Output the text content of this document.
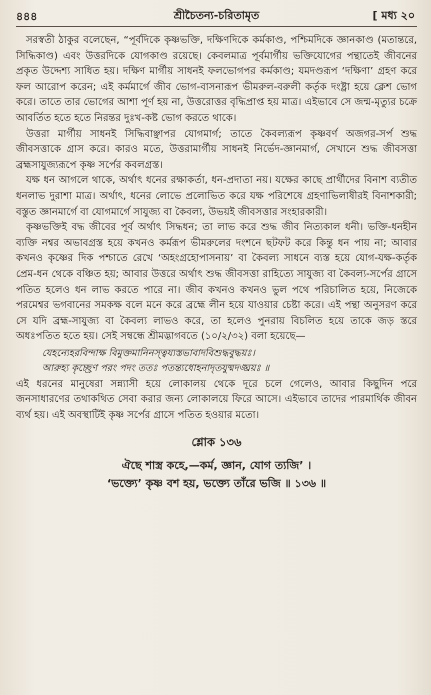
৪৪৪	শ্রীচৈতন্য-চরিতামৃত	[ মধ্য ২০

সরস্বতী ঠাকুর বলেছেন, “পূর্বদিকে কৃষ্ণভক্তি, দক্ষিণদিকে কর্মকাণ্ড, পশ্চিমদিকে জ্ঞানকাণ্ড (মতান্তরে, সিদ্ধিকাণ্ড) এবং উত্তরদিকে যোগকাণ্ড রয়েছে। কেবলমাত্র পূর্বমার্গীয় ভক্তিযোগের পন্থাতেই জীবনের প্রকৃত উদ্দেশ্য সাধিত হয়। দক্ষিণ মার্গীয় সাধনই ফলভোগপর কর্মকাণ্ড; যমদণ্ডরূপ ‘দক্ষিণা’ গ্রহণ করে ফল আরোপ করেন; এই কর্মমার্গে জীব ভোগ-বাসনারূপ ভীমরুল-বরুলী কর্তৃক দংষ্ট্রা হয়ে ক্লেশ ভোগ করে। তাতে তার ভোগের আশা পূর্ণ হয় না, উত্তরোত্তর বৃদ্ধিপ্রাপ্ত হয় মাত্র। এইভাবে সে জন্ম-মৃত্যুর চক্রে আবর্তিত হতে হতে নিরন্তর দুঃখ-কষ্ট ভোগ করতে থাকে।

উত্তরা মার্গীয় সাধনই সিদ্ধিবাঞ্ছাপর যোগমার্গ; তাতে কৈবল্যরূপ কৃষ্ণবর্ণ অজগর-সর্প শুদ্ধ জীবসত্তাকে গ্রাস করে। কারও মতে, উত্তরামার্গীয় সাধনই নির্ভেদ-জ্ঞানমার্গ, সেখানে শুদ্ধ জীবসত্তা ব্রহ্মসাযুজ্যরূপে কৃষ্ণ সর্পের কবলগ্রস্ত।

যক্ষ ধন আগলে থাকে, অর্থাৎ ধনের রক্ষাকর্তা, ধন-প্রদাতা নয়। যক্ষের কাছে প্রার্থীদের বিনাশ ব্যতীত ধনলাভ দুরাশা মাত্র। অর্থাৎ, ধনের লোভে প্রলোভিত করে যক্ষ পরিশেষে গ্রহণাভিলাষীরই বিনাশকারী; বস্তুত জ্ঞানমার্গে বা যোগমার্গে সাযুজ্য বা কৈবল্য, উভয়ই জীবসত্তার সংহারকারী।

কৃষ্ণভক্তিই বদ্ধ জীবের পূর্ব অর্থাৎ সিদ্ধধন; তা লাভ করে শুদ্ধ জীব নিত্যকাল ধনী। ভক্তি-ধনহীন ব্যক্তি নশ্বর অভাবগ্রস্ত হয়ে কখনও কর্মরূপ ভীমরুলের দংশনে ছটফট করে কিন্তু ধন পায় না; আবার কখনও কৃষ্ণের দিক পশ্চাতে রেখে ‘অহংগ্রহোপাসনায়’ বা কৈবল্য সাধনে ব্যস্ত হয়ে যোগ-যক্ষ-কর্তৃক প্রেম-ধন থেকে বঞ্চিত হয়; আবার উত্তরে অর্থাৎ শুদ্ধ জীবসত্তা রাহিত্যে সাযুজ্য বা কৈবল্য-সর্পের গ্রাসে পতিত হলেও ধন লাভ করতে পারে না। জীব কখনও কখনও ভুল পথে পরিচালিত হয়ে, নিজেকে পরমেশ্বর ভগবানের সমকক্ষ বলে মনে করে ব্রহ্মে লীন হয়ে যাওয়ার চেষ্টা করে। এই পন্থা অনুসরণ করে সে যদি ব্রহ্ম-সাযুজ্য বা কৈবল্য লাভও করে, তা হলেও পুনরায় বিচলিত হয়ে তাকে জড় স্তরে অধঃপতিত হতে হয়। সেই সম্বন্ধে শ্রীমদ্ভাগবতে (১০/২/৩২) বলা হয়েছে—

যেহন্যেহরবিন্দাক্ষ বিমুক্তমানিনস্ত্বয্যস্তভাবাদবিশুদ্ধবুদ্ধয়ঃ।
আরুহ্য কৃচ্ছ্রেণ পরং পদং ততঃ পতন্ত্যধোহনাদৃতযুষ্মদঙ্ঘ্রয়ঃ ॥

এই ধরনের মানুষেরা সন্ন্যাসী হয়ে লোকালয় থেকে দূরে চলে গেলেও, আবার কিছুদিন পরে জনসাধারণের তথাকথিত সেবা করার জন্য লোকালয়ে ফিরে আসে। এইভাবে তাদের পারমার্থিক জীবন ব্যর্থ হয়। এই অবস্থাটিই কৃষ্ণ সর্পের গ্রাসে পতিত হওয়ার মতো।

শ্লোক ১৩৬
ঐছে শাস্ত্র কহে,—কর্ম, জ্ঞান, যোগ ত্যজি’ ।
‘ভক্ত্যে’ কৃষ্ণ বশ হয়, ভক্ত্যে তাঁরে ভজি ॥ ১৩৬ ॥
